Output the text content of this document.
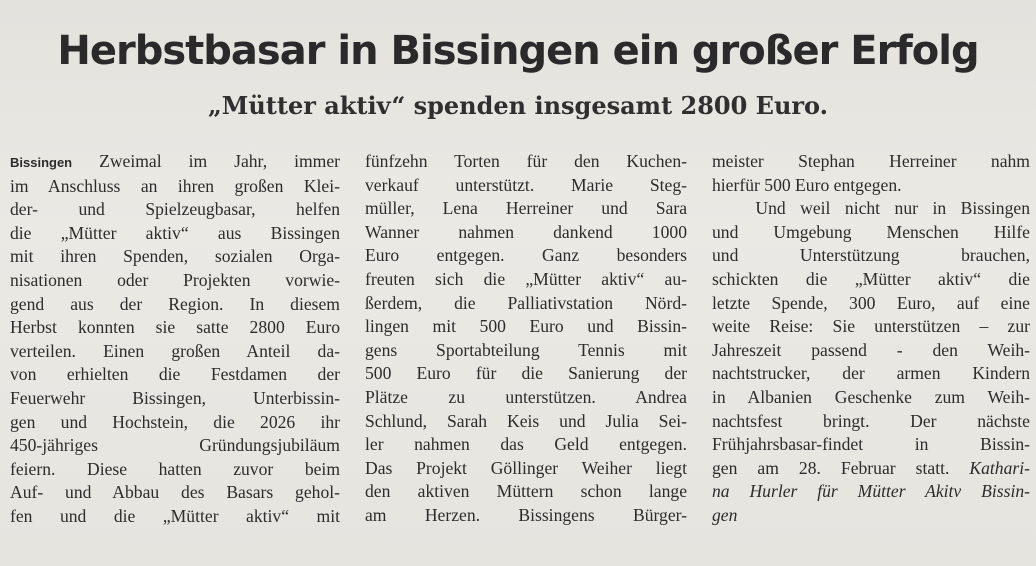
▔▔▔▔▔▔▔▔▔▔▔▔▔▔▔▔▔▔▔▔▔▔	▔▔▔▔▔▔▔▔▔▔▔▔▔▔▔▔▔▔▔▔▔	▔▔▔▔▔▔▔▔▔▔▔▔▔▔▔▔▔▔▔▔▔
Herbstbasar in Bissingen ein großer Erfolg
„Mütter aktiv“ spenden insgesamt 2800 Euro.
Bissingen Zweimal im Jahr, immer
im Anschluss an ihren großen Klei-
der- und Spielzeugbasar, helfen
die „Mütter aktiv“ aus Bissingen
mit ihren Spenden, sozialen Orga-
nisationen oder Projekten vorwie-
gend aus der Region. In diesem
Herbst konnten sie satte 2800 Euro
verteilen. Einen großen Anteil da-
von erhielten die Festdamen der
Feuerwehr Bissingen, Unterbissin-
gen und Hochstein, die 2026 ihr
450-jähriges Gründungsjubiläum
feiern. Diese hatten zuvor beim
Auf- und Abbau des Basars gehol-
fen und die „Mütter aktiv“ mit
fünfzehn Torten für den Kuchen-
verkauf unterstützt. Marie Steg-
müller, Lena Herreiner und Sara
Wanner nahmen dankend 1000
Euro entgegen. Ganz besonders
freuten sich die „Mütter aktiv“ au-
ßerdem, die Palliativstation Nörd-
lingen mit 500 Euro und Bissin-
gens Sportabteilung Tennis mit
500 Euro für die Sanierung der
Plätze zu unterstützen. Andrea
Schlund, Sarah Keis und Julia Sei-
ler nahmen das Geld entgegen.
Das Projekt Göllinger Weiher liegt
den aktiven Müttern schon lange
am Herzen. Bissingens Bürger-
meister Stephan Herreiner nahm
hierfür 500 Euro entgegen.
Und weil nicht nur in Bissingen
und Umgebung Menschen Hilfe
und Unterstützung brauchen,
schickten die „Mütter aktiv“ die
letzte Spende, 300 Euro, auf eine
weite Reise: Sie unterstützen – zur
Jahreszeit passend - den Weih-
nachtstrucker, der armen Kindern
in Albanien Geschenke zum Weih-
nachtsfest bringt. Der nächste
Frühjahrsbasar-findet in Bissin-
gen am 28. Februar statt. Kathari-
na Hurler für Mütter Akitv Bissin-
gen
